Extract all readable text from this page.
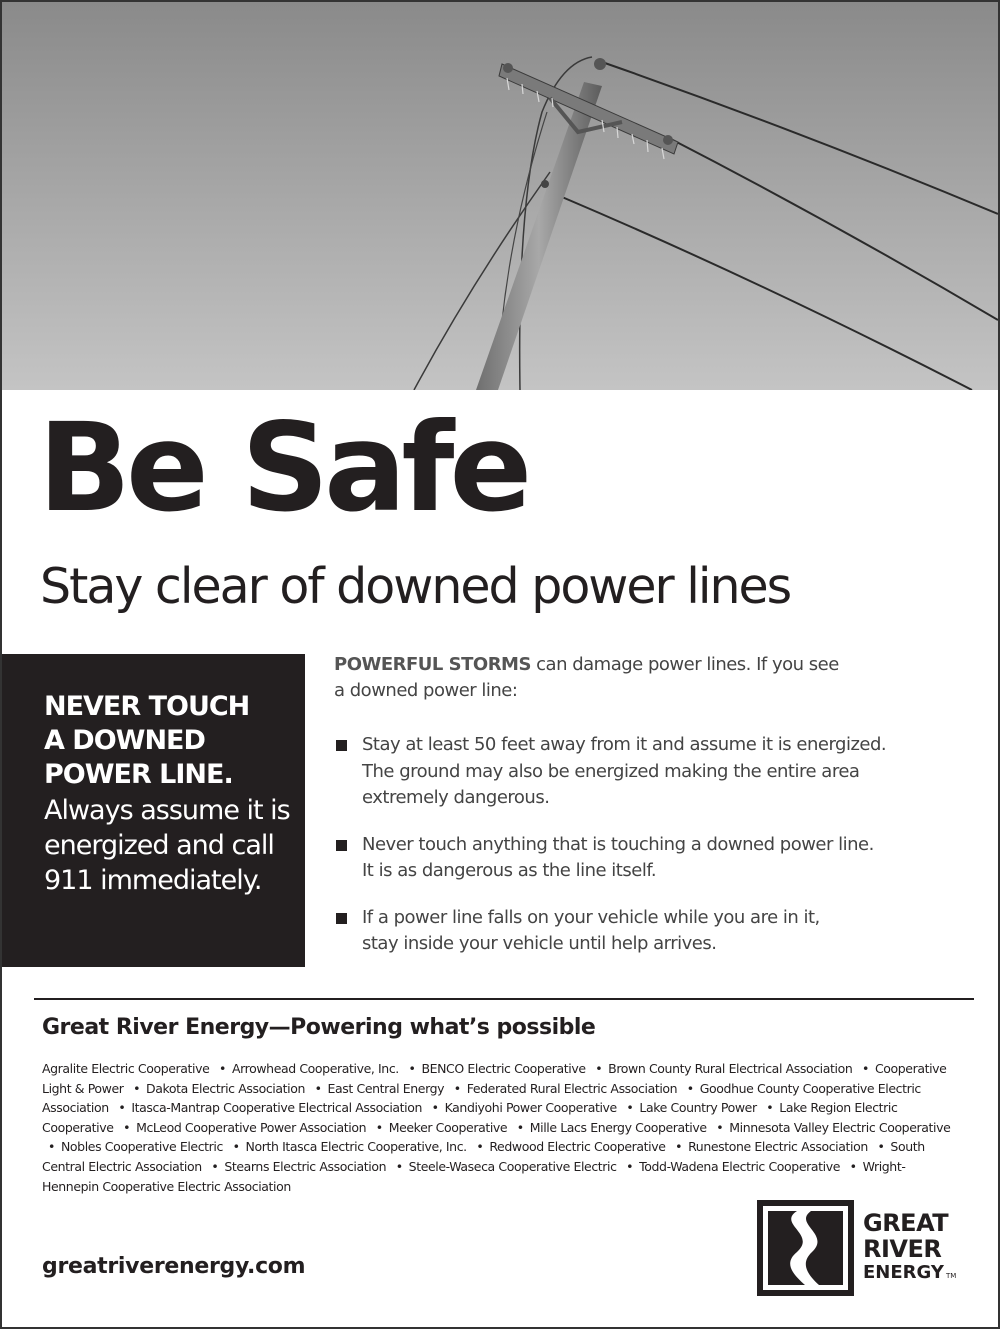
Be Safe
Stay clear of downed power lines
NEVER TOUCH
A DOWNED
POWER LINE.
Always assume it is
energized and call
911 immediately.
POWERFUL STORMS can damage power lines. If you see
a downed power line:
Stay at least 50 feet away from it and assume it is energized.
The ground may also be energized making the entire area
extremely dangerous.
Never touch anything that is touching a downed power line.
It is as dangerous as the line itself.
If a power line falls on your vehicle while you are in it,
stay inside your vehicle until help arrives.
Great River Energy—Powering what’s possible
Agralite Electric Cooperative • Arrowhead Cooperative, Inc. • BENCO Electric Cooperative • Brown County Rural Electrical Association • Cooperative Light & Power • Dakota Electric Association • East Central Energy • Federated Rural Electric Association • Goodhue County Cooperative Electric Association • Itasca-Mantrap Cooperative Electrical Association • Kandiyohi Power Cooperative • Lake Country Power • Lake Region Electric Cooperative • McLeod Cooperative Power Association • Meeker Cooperative • Mille Lacs Energy Cooperative • Minnesota Valley Electric Cooperative • Nobles Cooperative Electric • North Itasca Electric Cooperative, Inc. • Redwood Electric Cooperative • Runestone Electric Association • South Central Electric Association • Stearns Electric Association • Steele-Waseca Cooperative Electric • Todd-Wadena Electric Cooperative • Wright-Hennepin Cooperative Electric Association
greatriverenergy.com
GREAT
RIVER
ENERGY TM
